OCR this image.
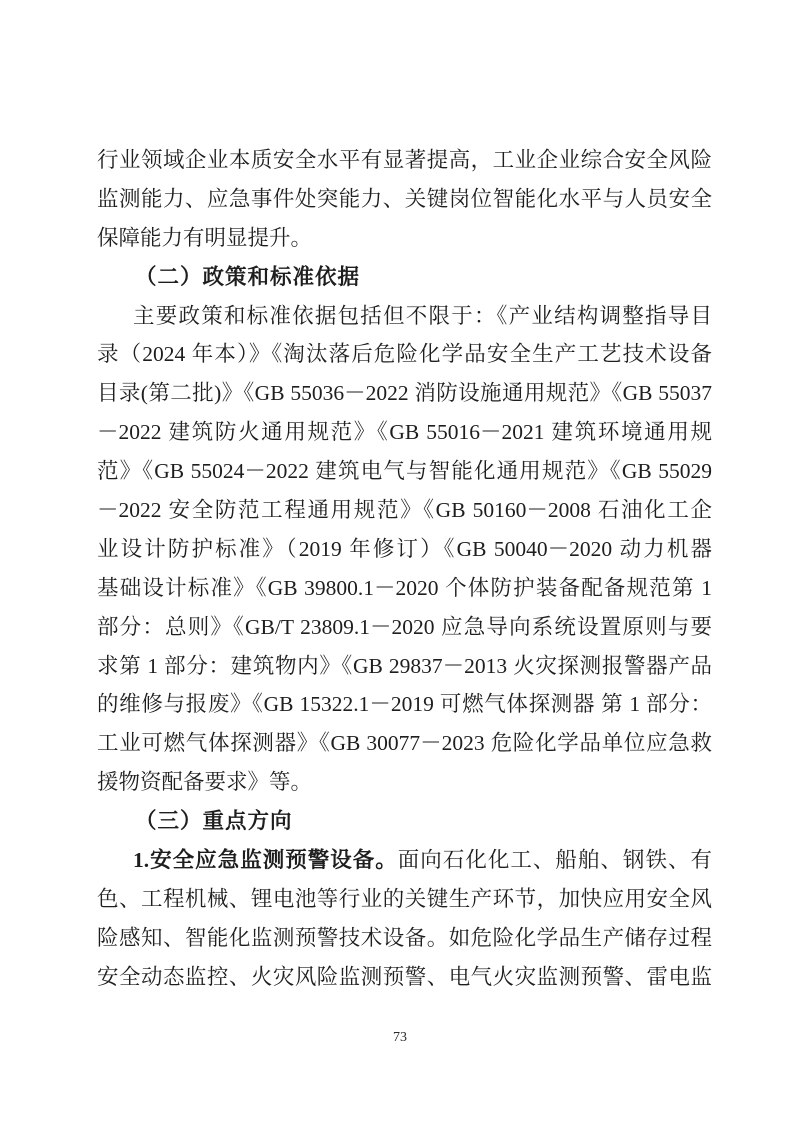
行业领域企业本质安全水平有显著提高，工业企业综合安全风险
监测能力、应急事件处突能力、关键岗位智能化水平与人员安全
保障能力有明显提升。
（二）政策和标准依据
主要政策和标准依据包括但不限于：《产业结构调整指导目
录（2024 年本）》《淘汰落后危险化学品安全生产工艺技术设备
目录(第二批)》《GB 55036－2022 消防设施通用规范》《GB 55037
－2022 建筑防火通用规范》《GB 55016－2021 建筑环境通用规
范》《GB 55024－2022 建筑电气与智能化通用规范》《GB 55029
－2022 安全防范工程通用规范》《GB 50160－2008 石油化工企
业设计防护标准》（2019 年修订）《GB 50040－2020 动力机器
基础设计标准》《GB 39800.1－2020 个体防护装备配备规范第 1
部分：总则》《GB/T 23809.1－2020 应急导向系统设置原则与要
求第 1 部分：建筑物内》《GB 29837－2013 火灾探测报警器产品
的维修与报废》《GB 15322.1－2019 可燃气体探测器 第 1 部分：
工业可燃气体探测器》《GB 30077－2023 危险化学品单位应急救
援物资配备要求》等。
（三）重点方向
1.安全应急监测预警设备。面向石化化工、船舶、钢铁、有
色、工程机械、锂电池等行业的关键生产环节，加快应用安全风
险感知、智能化监测预警技术设备。如危险化学品生产储存过程
安全动态监控、火灾风险监测预警、电气火灾监测预警、雷电监
73
